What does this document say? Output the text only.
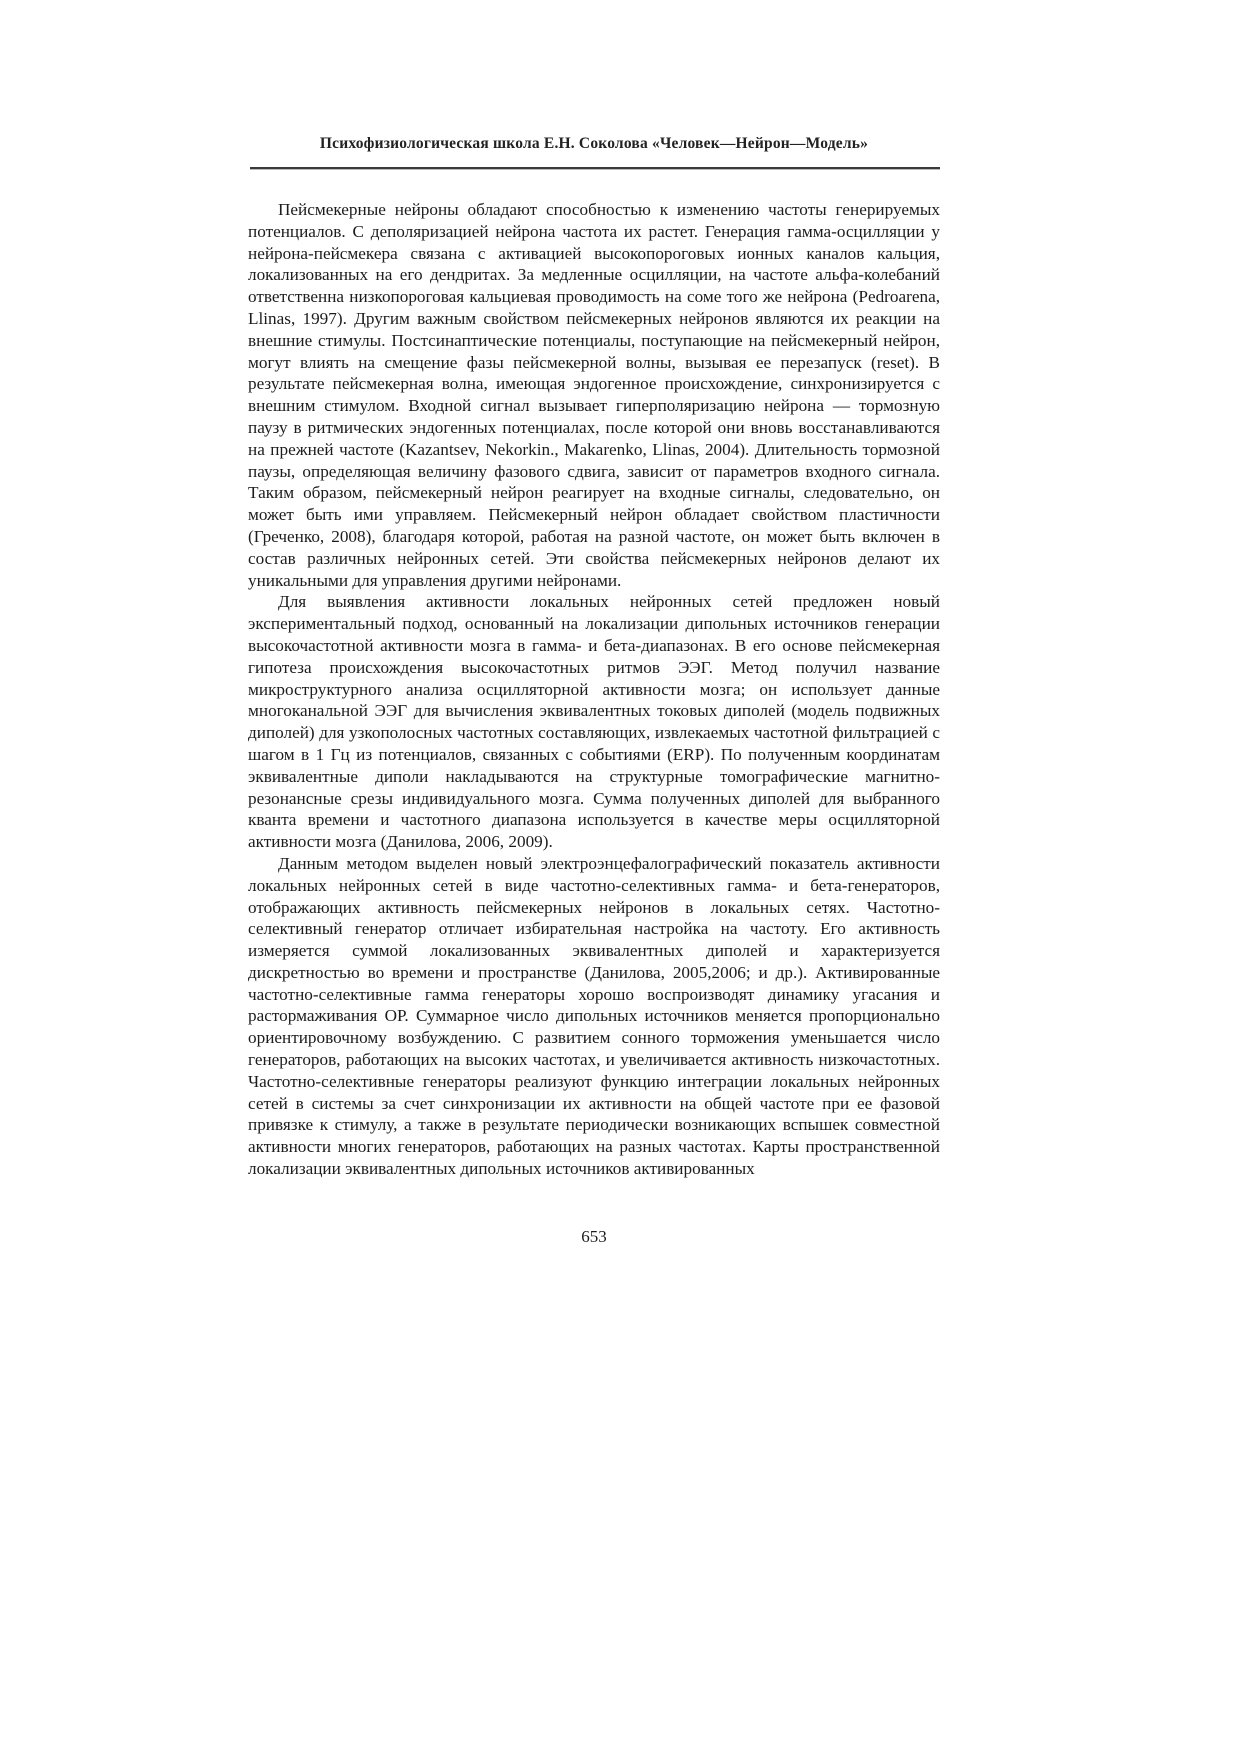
Психофизиологическая школа Е.Н. Соколова «Человек—Нейрон—Модель»

Пейсмекерные нейроны обладают способностью к изменению частоты генерируемых потенциалов. С деполяризацией нейрона частота их растет. Генерация гамма-осцилляции у нейрона-пейсмекера связана с активацией высокопороговых ионных каналов кальция, локализованных на его дендритах. За медленные осцилляции, на частоте альфа-колебаний ответственна низкопороговая кальциевая проводимость на соме того же нейрона (Pedroarena, Llinas, 1997). Другим важным свойством пейсмекерных нейронов являются их реакции на внешние стимулы. Постсинаптические потенциалы, поступающие на пейсмекерный нейрон, могут влиять на смещение фазы пейсмекерной волны, вызывая ее перезапуск (reset). В результате пейсмекерная волна, имеющая эндогенное происхождение, синхронизируется с внешним стимулом. Входной сигнал вызывает гиперполяризацию нейрона — тормозную паузу в ритмических эндогенных потенциалах, после которой они вновь восстанавливаются на прежней частоте (Kazantsev, Nekorkin., Makarenko, Llinas, 2004). Длительность тормозной паузы, определяющая величину фазового сдвига, зависит от параметров входного сигнала. Таким образом, пейсмекерный нейрон реагирует на входные сигналы, следовательно, он может быть ими управляем. Пейсмекерный нейрон обладает свойством пластичности (Греченко, 2008), благодаря которой, работая на разной частоте, он может быть включен в состав различных нейронных сетей. Эти свойства пейсмекерных нейронов делают их уникальными для управления другими нейронами.

Для выявления активности локальных нейронных сетей предложен новый экспериментальный подход, основанный на локализации дипольных источников генерации высокочастотной активности мозга в гамма- и бета-диапазонах. В его основе пейсмекерная гипотеза происхождения высокочастотных ритмов ЭЭГ. Метод получил название микроструктурного анализа осцилляторной активности мозга; он использует данные многоканальной ЭЭГ для вычисления эквивалентных токовых диполей (модель подвижных диполей) для узкополосных частотных составляющих, извлекаемых частотной фильтрацией с шагом в 1 Гц из потенциалов, связанных с событиями (ERP). По полученным координатам эквивалентные диполи накладываются на структурные томографические магнитно-резонансные срезы индивидуального мозга. Сумма полученных диполей для выбранного кванта времени и частотного диапазона используется в качестве меры осцилляторной активности мозга (Данилова, 2006, 2009).

Данным методом выделен новый электроэнцефалографический показатель активности локальных нейронных сетей в виде частотно-селективных гамма- и бета-генераторов, отображающих активность пейсмекерных нейронов в локальных сетях. Частотно-селективный генератор отличает избирательная настройка на частоту. Его активность измеряется суммой локализованных эквивалентных диполей и характеризуется дискретностью во времени и пространстве (Данилова, 2005,2006; и др.). Активированные частотно-селективные гамма генераторы хорошо воспроизводят динамику угасания и растормаживания ОР. Суммарное число дипольных источников меняется пропорционально ориентировочному возбуждению. С развитием сонного торможения уменьшается число генераторов, работающих на высоких частотах, и увеличивается активность низкочастотных. Частотно-селективные генераторы реализуют функцию интеграции локальных нейронных сетей в системы за счет синхронизации их активности на общей частоте при ее фазовой привязке к стимулу, а также в результате периодически возникающих вспышек совместной активности многих генераторов, работающих на разных частотах. Карты пространственной локализации эквивалентных дипольных источников активированных

653
